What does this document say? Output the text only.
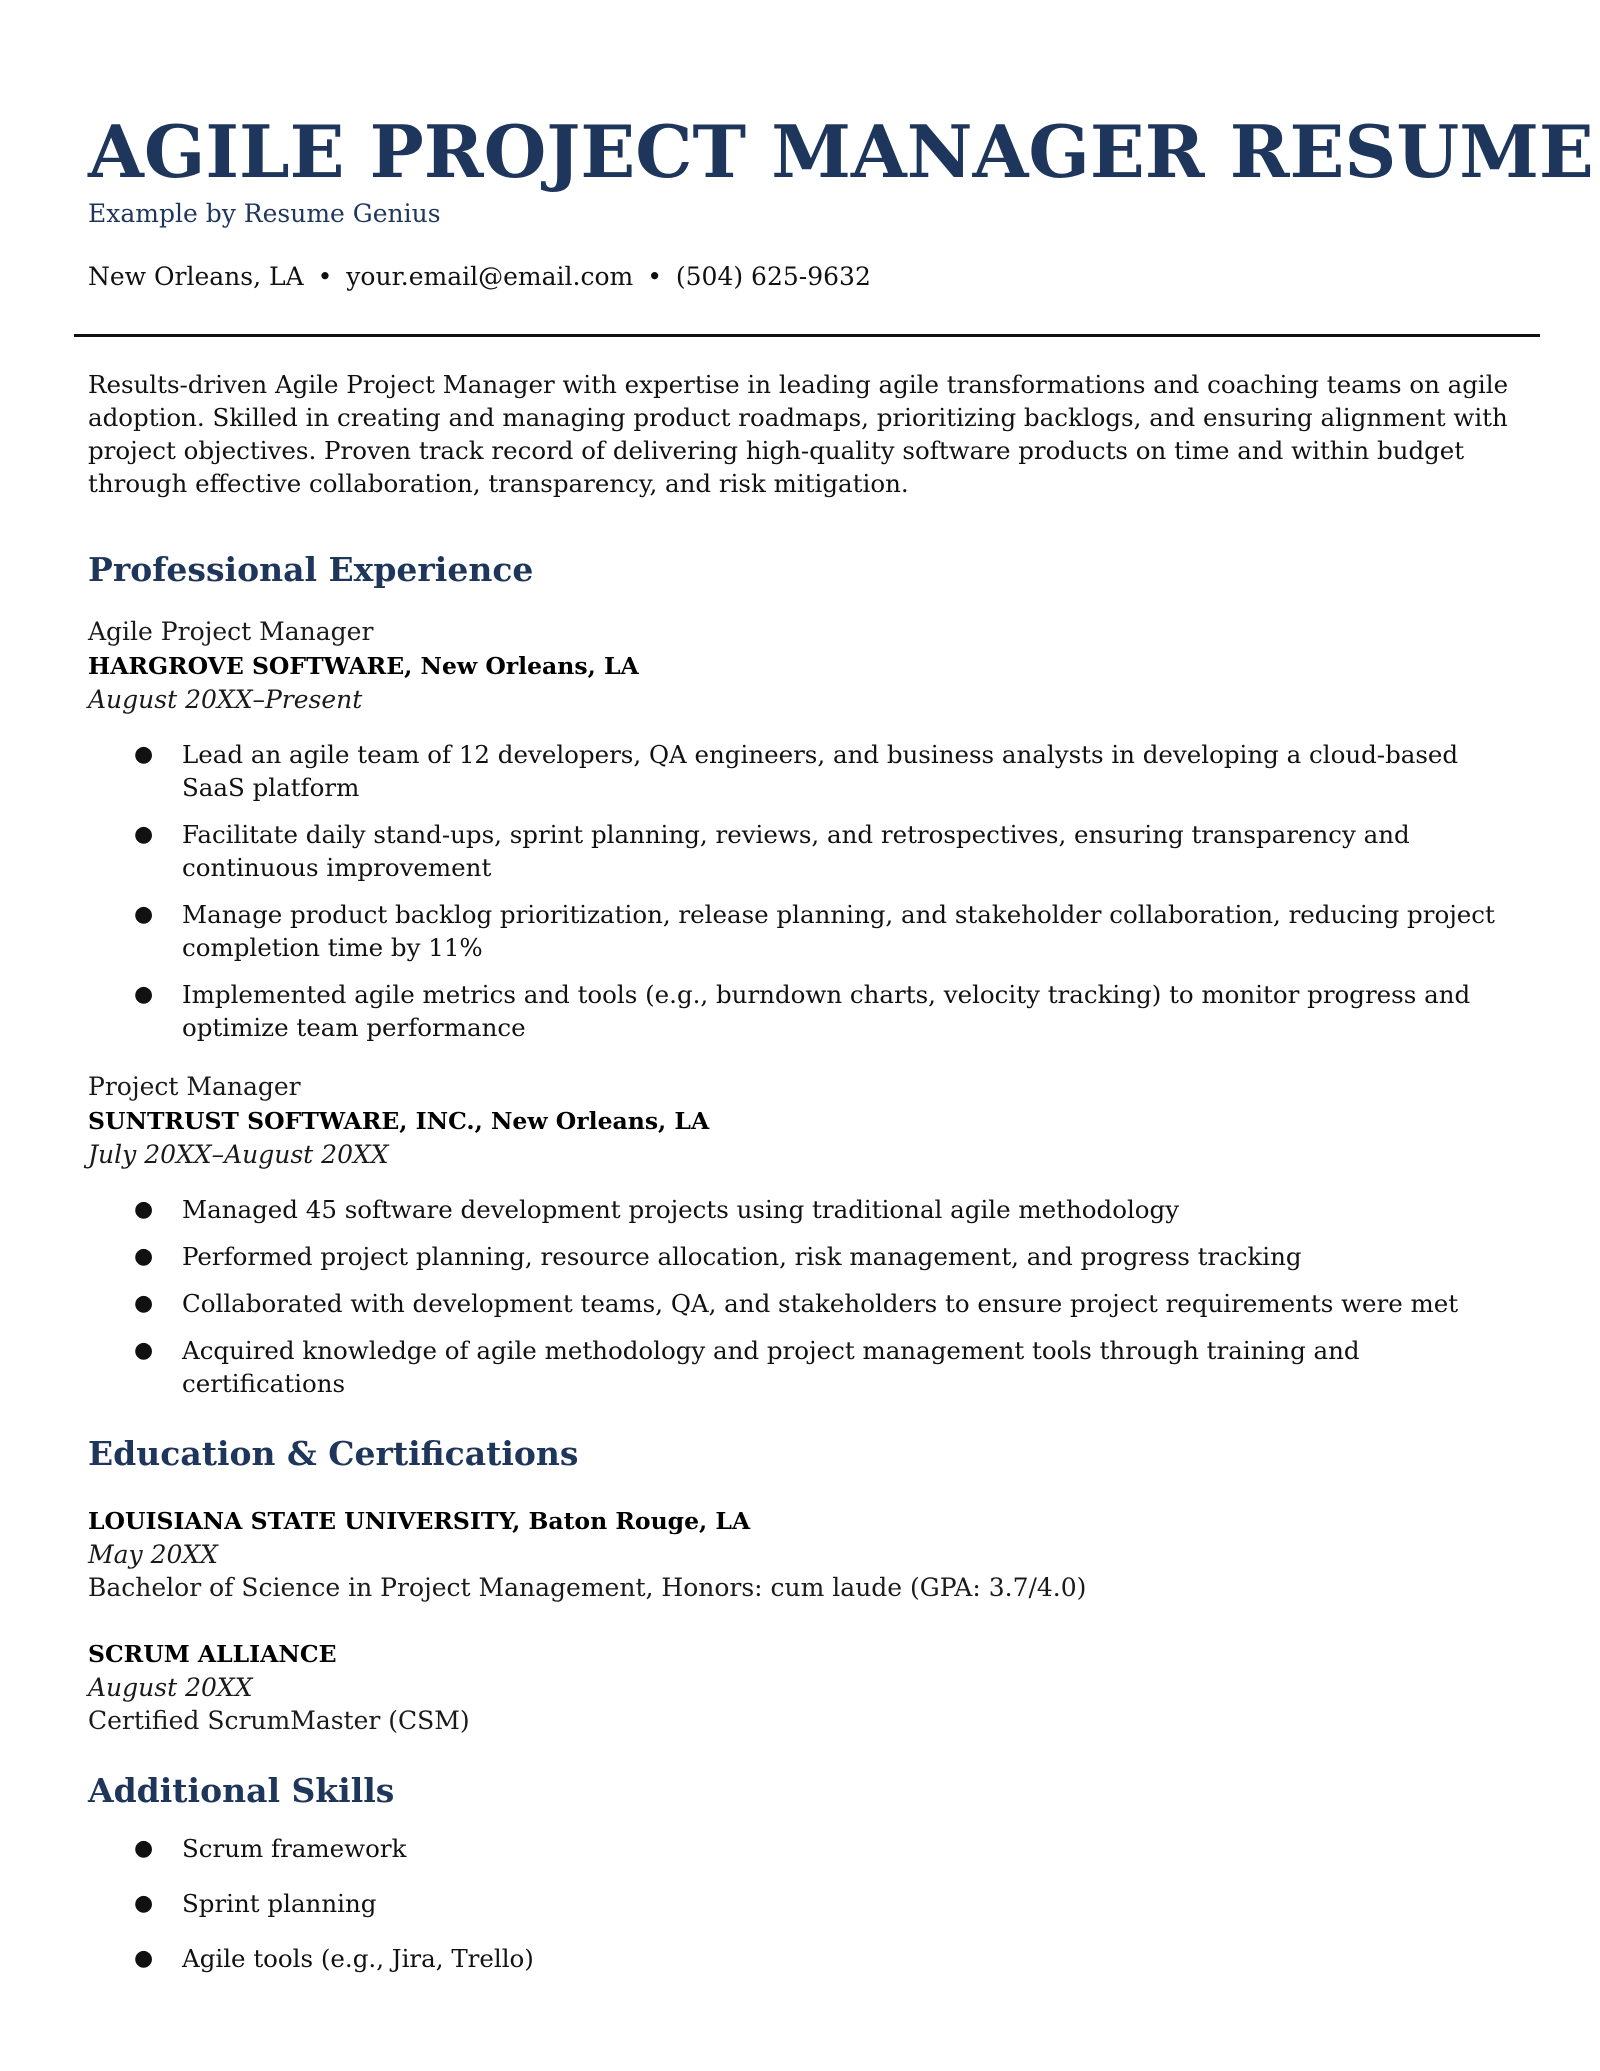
AGILE PROJECT MANAGER RESUME
Example by Resume Genius
New Orleans, LA • your.email@email.com • (504) 625-9632

Results-driven Agile Project Manager with expertise in leading agile transformations and coaching teams on agile adoption. Skilled in creating and managing product roadmaps, prioritizing backlogs, and ensuring alignment with project objectives. Proven track record of delivering high-quality software products on time and within budget through effective collaboration, transparency, and risk mitigation.

Professional Experience
Agile Project Manager
HARGROVE SOFTWARE, New Orleans, LA
August 20XX–Present
● Lead an agile team of 12 developers, QA engineers, and business analysts in developing a cloud-based SaaS platform
● Facilitate daily stand-ups, sprint planning, reviews, and retrospectives, ensuring transparency and continuous improvement
● Manage product backlog prioritization, release planning, and stakeholder collaboration, reducing project completion time by 11%
● Implemented agile metrics and tools (e.g., burndown charts, velocity tracking) to monitor progress and optimize team performance
Project Manager
SUNTRUST SOFTWARE, INC., New Orleans, LA
July 20XX–August 20XX
● Managed 45 software development projects using traditional agile methodology
● Performed project planning, resource allocation, risk management, and progress tracking
● Collaborated with development teams, QA, and stakeholders to ensure project requirements were met
● Acquired knowledge of agile methodology and project management tools through training and certifications
Education & Certifications
LOUISIANA STATE UNIVERSITY, Baton Rouge, LA
May 20XX
Bachelor of Science in Project Management, Honors: cum laude (GPA: 3.7/4.0)
SCRUM ALLIANCE
August 20XX
Certified ScrumMaster (CSM)
Additional Skills
● Scrum framework
● Sprint planning
● Agile tools (e.g., Jira, Trello)
